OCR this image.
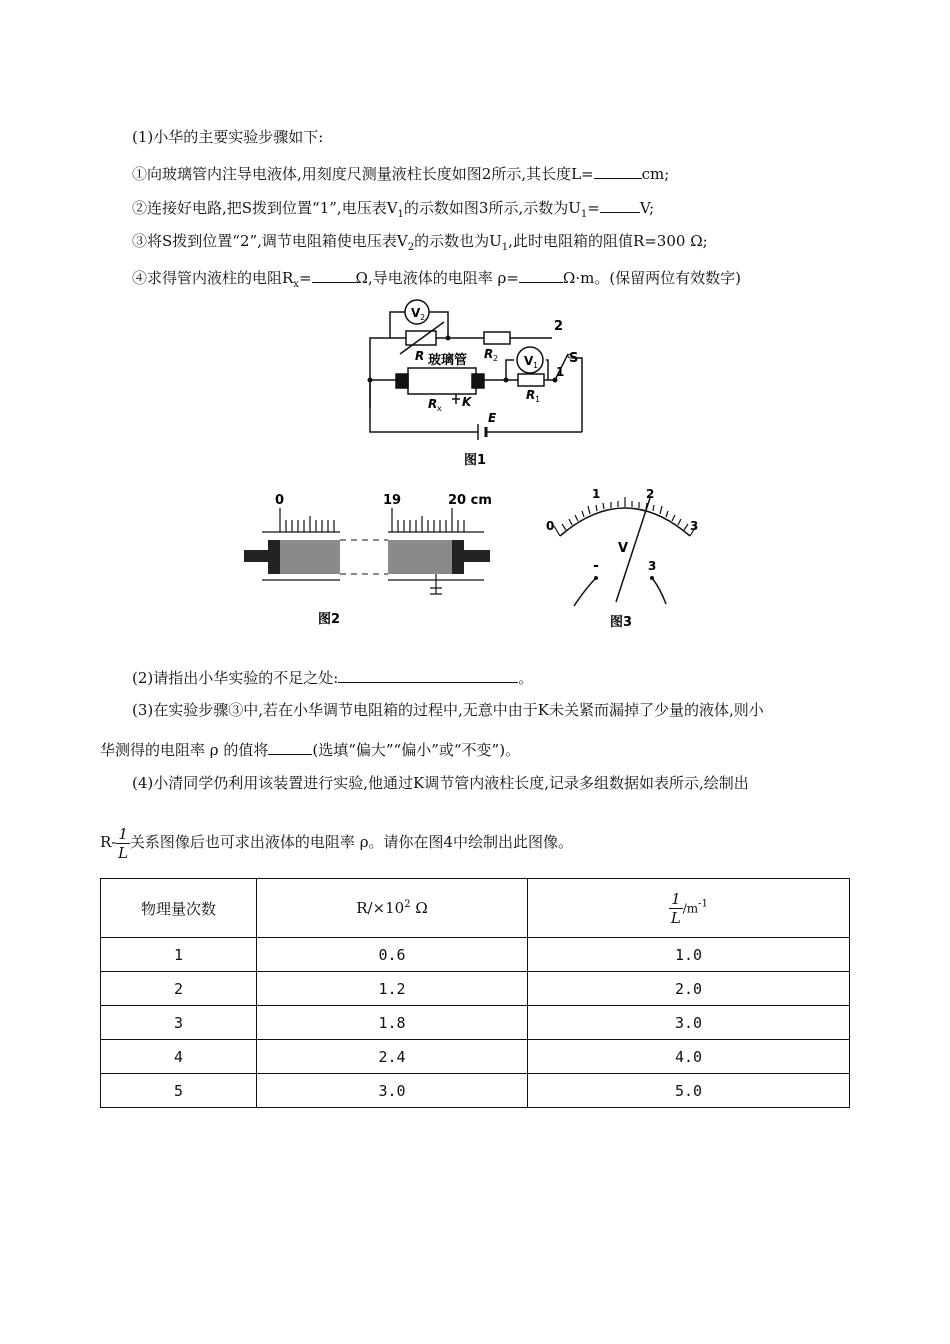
(1)小华的主要实验步骤如下:
①向玻璃管内注导电液体,用刻度尺测量液柱长度如图2所示,其长度L=	cm;
②连接好电路,把S拨到位置“1”,电压表$V_1$的示数如图3所示,示数为$U_1=$	V;
③将S拨到位置“2”,调节电阻箱使电压表$V_2$的示数也为$U_1$,此时电阻箱的阻值R=300 Ω;
④求得管内液柱的电阻$R_x=$	Ω,导电液体的电阻率 ρ=	Ω·m。(保留两位有效数字)
V 2
R	R 2
2
玻璃管	V 1 S
1
R 1
R x K
E
图1
0	19	20 cm
图2
0
1	2
3
V
-	3
图3
(2)请指出小华实验的不足之处:	。
(3)在实验步骤③中,若在小华调节电阻箱的过程中,无意中由于K未关紧而漏掉了少量的液体,则小
华测得的电阻率 ρ 的值将	(选填“偏大”“偏小”或“不变”)。
(4)小清同学仍利用该装置进行实验,他通过K调节管内液柱长度,记录多组数据如表所示,绘制出
$R- \frac{1}{L}$ 关系图像后也可求出液体的电阻率 ρ。请你在图4中绘制出此图像。
物理量次数	$R/\times 10^2$ Ω	$\frac{1}{L} /m^{-1}$
1	0.6	1.0
2	1.2	2.0
3	1.8	3.0
4	2.4	4.0
5	3.0	5.0
